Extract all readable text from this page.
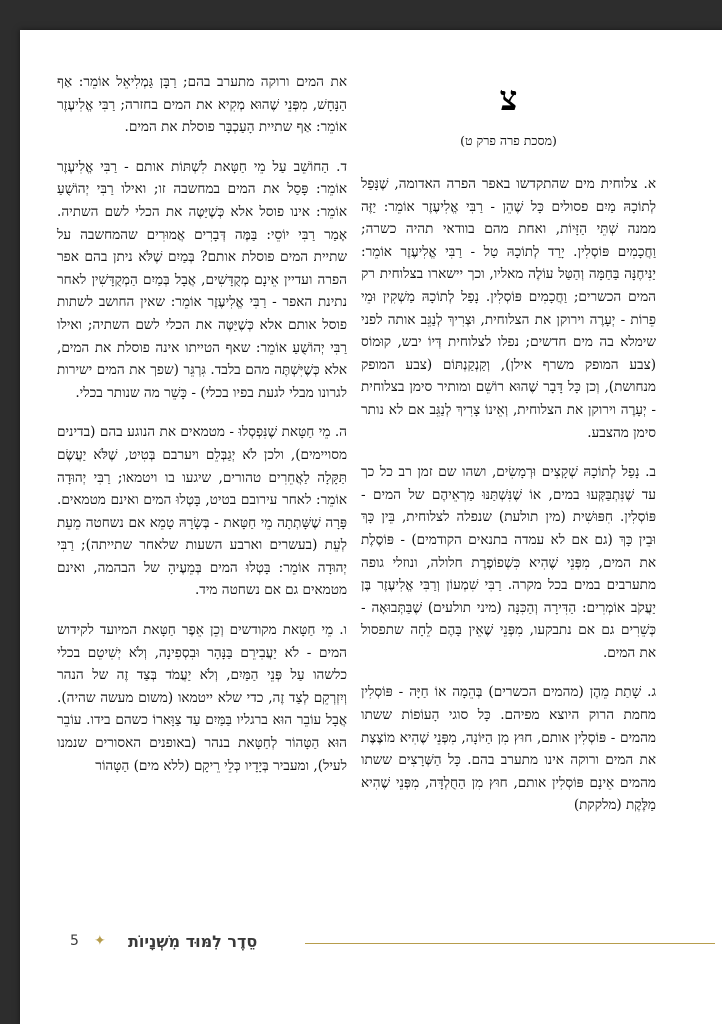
צ
(מסכת פרה פרק ט)

א. צלוחית מים שהתקדשו באפר הפרה האדומה, שֶׁנָּפַל לְתוֹכָהּ מַיִם פסולים כָּל שֶׁהֵן - רַבִּי אֱלִיעֶזֶר אוֹמֵר: יַזֶּה ממנה שְׁתֵּי הַזָּיוֹת, ואחת מהם בוודאי תהיה כשרה; וַחֲכָמִים פּוֹסְלִין. יָרַד לְתוֹכָהּ טַל - רַבִּי אֱלִיעֶזֶר אוֹמֵר: יַנִּיחֶנָּה בַּחַמָּה וְהַטַּל עוֹלֶה מאליו, וכך יישארו בצלוחית רק המים הכשרים; וַחֲכָמִים פּוֹסְלִין. נָפַל לְתוֹכָהּ מַשְׁקִין וּמֵי פֵרוֹת - יְעָרֶה וירוקן את הצלוחית, וּצְרִיךְ לְנַגֵּב אותה לפני שימלא בה מים חדשים; נפלו לצלוחית דְּיוֹ יבש, קוּמוֹס (צבע המופק משרף אילן), וְקַנְקַנְתּוֹם (צבע המופק מנחושת), וְכן כָּל דָּבָר שֶׁהוּא רוֹשֵׁם ומותיר סימן בצלוחית - יְעָרֶה וירוקן את הצלוחית, וְאֵינוֹ צָרִיךְ לְנַגֵּב אם לא נותר סימן מהצבע.

ב. נָפַל לְתוֹכָהּ שְׁקָצִים וּרְמָשִׂים, ושהו שם זמן רב כל כך עד שֶׁנִּתְבַּקְּעוּ במים, אוֹ שֶׁנִּשְׁתַּנּוּ מַרְאֵיהֶם של המים - פּוֹסְלִין. חִפּוּשִׁית (מין תולעת) שנפלה לצלוחית, בֵּין כָּךְ וּבֵין כָּךְ (גם אם לא עמדה בתנאים הקודמים) - פּוֹסֶלֶת את המים, מִפְּנֵי שֶׁהִיא כִּשְׁפוֹפֶרֶת חלולה, ונוזלי גופה מתערבים במים בכל מקרה. רַבִּי שִׁמְעוֹן וְרַבִּי אֱלִיעֶזֶר בֶּן יַעֲקֹב אוֹמְרִים: הַדִּירָה וְהַכִּנָּה (מיני תולעים) שֶׁבַּתְּבוּאָה - כְּשֵׁרִים גם אם נתבקעו, מִפְּנֵי שֶׁאֵין בָּהֶם לֵחָה שתפסול את המים.

ג. שָׁתַת מֵהֶן (מהמים הכשרים) בְּהֵמָה אוֹ חַיָּה - פּוֹסְלִין מחמת הרוק היוצא מפיהם. כָּל סוגי הָעוֹפוֹת ששתו מהמים - פּוֹסְלִין אותם, חוּץ מִן הַיּוֹנָה, מִפְּנֵי שֶׁהִיא מוֹצֶצֶת את המים ורוקה אינו מתערב בהם. כָּל הַשְּׁרָצִים ששתו מהמים אֵינָם פּוֹסְלִין אותם, חוּץ מִן הַחֻלְדָּה, מִפְּנֵי שֶׁהִיא מַלֶּקֶת (מלקקת)

את המים ורוקה מתערב בהם; רַבָּן גַּמְלִיאֵל אוֹמֵר: אַף הַנָּחָשׁ, מִפְּנֵי שֶׁהוּא מְקִיא את המים בחזרה; רַבִּי אֱלִיעֶזֶר אוֹמֵר: אַף שתיית הָעַכְבָּר פוסלת את המים.

ד. הַחוֹשֵׁב עַל מֵי חַטָּאת לִשְׁתּוֹת אותם - רַבִּי אֱלִיעֶזֶר אוֹמֵר: פָּסַל את המים במחשבה זו; ואילו רַבִּי יְהוֹשֻׁעַ אוֹמֵר: אינו פוסל אלא כְּשֶׁיַּטֶּה את הכלי לשם השתיה. אָמַר רַבִּי יוֹסֵי: בַּמֶּה דְּבָרִים אֲמוּרִים שהמחשבה על שתיית המים פוסלת אותם? בְּמַיִם שֶׁלֹּא ניתן בהם אפר הפרה ועדיין אֵינָם מְקֻדָּשִׁים, אֲבָל בְּמַיִם הַמְקֻדָּשִׁין לאחר נתינת האפר - רַבִּי אֱלִיעֶזֶר אוֹמֵר: שאין החושב לשתות פוסל אותם אלא כְּשֶׁיַּטֶּה את הכלי לשם השתיה; ואילו רַבִּי יְהוֹשֻׁעַ אוֹמֵר: שאף הטייתו אינה פוסלת את המים, אלא כְּשֶׁיִּשְׁתֶּה מהם בלבד. גִּרְגֵּר (שפך את המים ישירות לגרונו מבלי לגעת בפיו בכלי) - כָּשֵׁר מה שנותר בכלי.

ה. מֵי חַטָּאת שֶׁנִּפְסְלוּ - מטמאים את הנוגע בהם (בדינים מסויימים), ולכן לֹא יְגַבְּלֵם ויערבם בְּטִיט, שֶׁלֹּא יַעֲשֶׂם תַּקָּלָה לַאֲחֵרִים טהורים, שיגעו בו ויטמאו; רַבִּי יְהוּדָה אוֹמֵר: לאחר עירובם בטיט, בָּטְלוּ המים ואינם מטמאים. פָּרָה שֶׁשָּׁתְתָה מֵי חַטָּאת - בְּשָׂרָהּ טָמֵא אם נשחטה מֵעֵת לְעֵת (בעשרים וארבע השעות שלאחר שתייתה); רַבִּי יְהוּדָה אוֹמֵר: בָּטְלוּ המים בְּמֵעֶיהָ של הבהמה, ואינם מטמאים גם אם נשחטה מיד.

ו. מֵי חַטָּאת מקודשים וְכֵן אֵפֶר חַטָּאת המיועד לקידוש המים - לֹא יַעֲבִירֵם בַּנָּהָר וּבִסְפִינָה, וְלֹא יְשִׁיטֵם בכלי כלשהו עַל פְּנֵי הַמַּיִם, וְלֹא יַעֲמֹד בְּצַד זֶה של הנהר וְיִזְרְקֵם לְצַד זֶה, כדי שלא ייטמאו (משום מעשה שהיה). אֲבָל עוֹבֵר הוּא ברגליו בַּמַּיִם עַד צַוָּארוֹ כשהם בידו. עוֹבֵר הוּא הַטָּהוֹר לְחַטָּאת בנהר (באופנים האסורים שנמנו לעיל), ומעביר בְּיָדָיו כְּלֵי רֵיקָם (ללא מים) הַטָּהוֹר

סֵדֶר לִמּוּד מִשְׁנָיוֹת
✦
5
